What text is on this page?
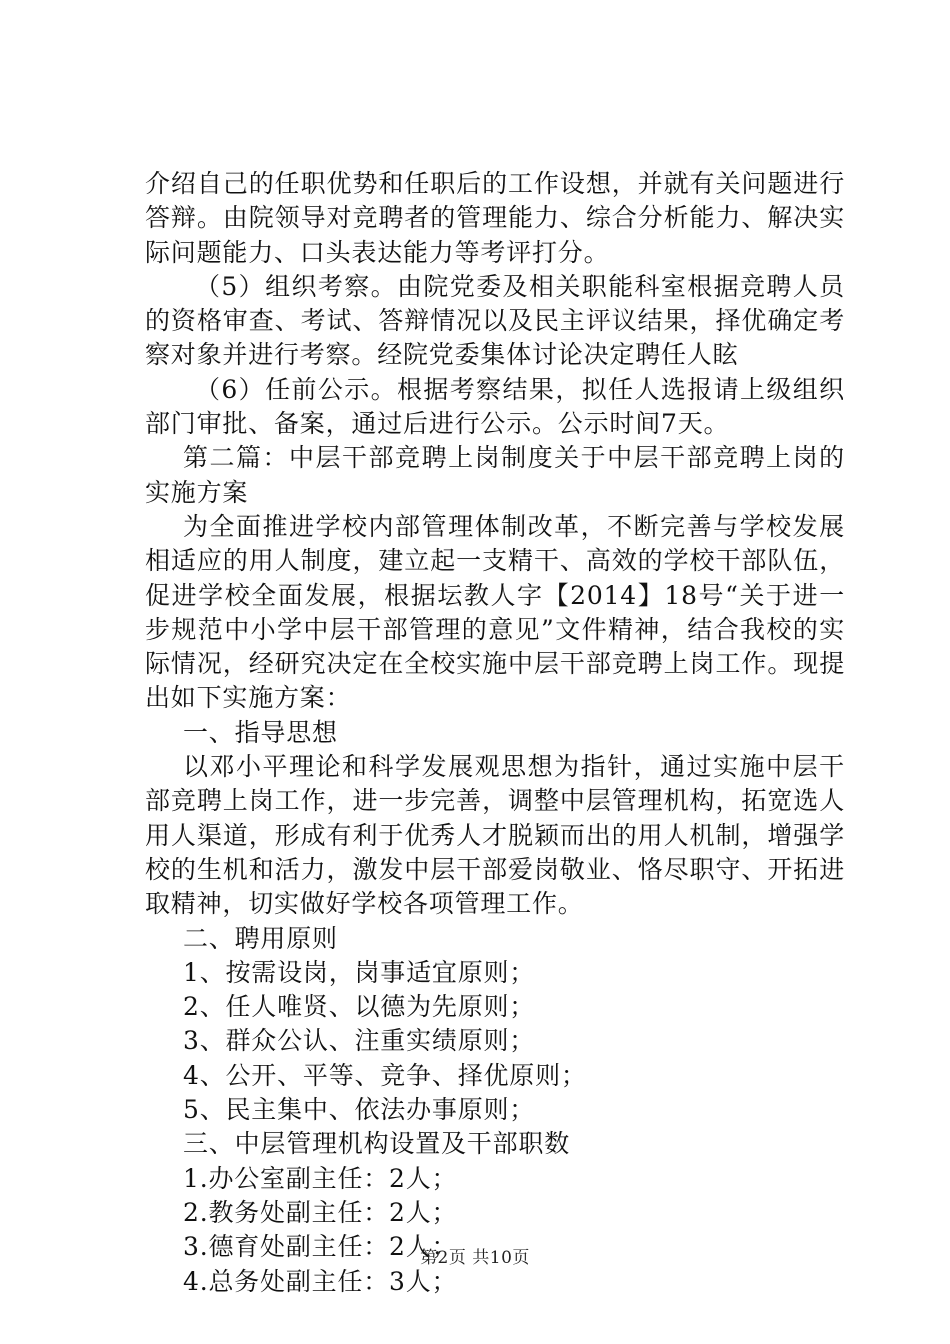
介绍自己的任职优势和任职后的工作设想，并就有关问题进行答辩。由院领导对竞聘者的管理能力、综合分析能力、解决实际问题能力、口头表达能力等考评打分。

（5）组织考察。由院党委及相关职能科室根据竞聘人员的资格审查、考试、答辩情况以及民主评议结果，择优确定考察对象并进行考察。经院党委集体讨论决定聘任人眩

（6）任前公示。根据考察结果，拟任人选报请上级组织部门审批、备案，通过后进行公示。公示时间7天。

第二篇：中层干部竞聘上岗制度关于中层干部竞聘上岗的实施方案

为全面推进学校内部管理体制改革，不断完善与学校发展相适应的用人制度，建立起一支精干、高效的学校干部队伍，促进学校全面发展，根据坛教人字【2014】18号“关于进一步规范中小学中层干部管理的意见”文件精神，结合我校的实际情况，经研究决定在全校实施中层干部竞聘上岗工作。现提出如下实施方案：

一、指导思想

以邓小平理论和科学发展观思想为指针，通过实施中层干部竞聘上岗工作，进一步完善，调整中层管理机构，拓宽选人用人渠道，形成有利于优秀人才脱颖而出的用人机制，增强学校的生机和活力，激发中层干部爱岗敬业、恪尽职守、开拓进取精神，切实做好学校各项管理工作。

二、聘用原则

1、按需设岗，岗事适宜原则；

2、任人唯贤、以德为先原则；

3、群众公认、注重实绩原则；

4、公开、平等、竞争、择优原则；

5、民主集中、依法办事原则；

三、中层管理机构设置及干部职数

1.办公室副主任：2人；

2.教务处副主任：2人；

3.德育处副主任：2人；

4.总务处副主任：3人；

第2页 共10页
